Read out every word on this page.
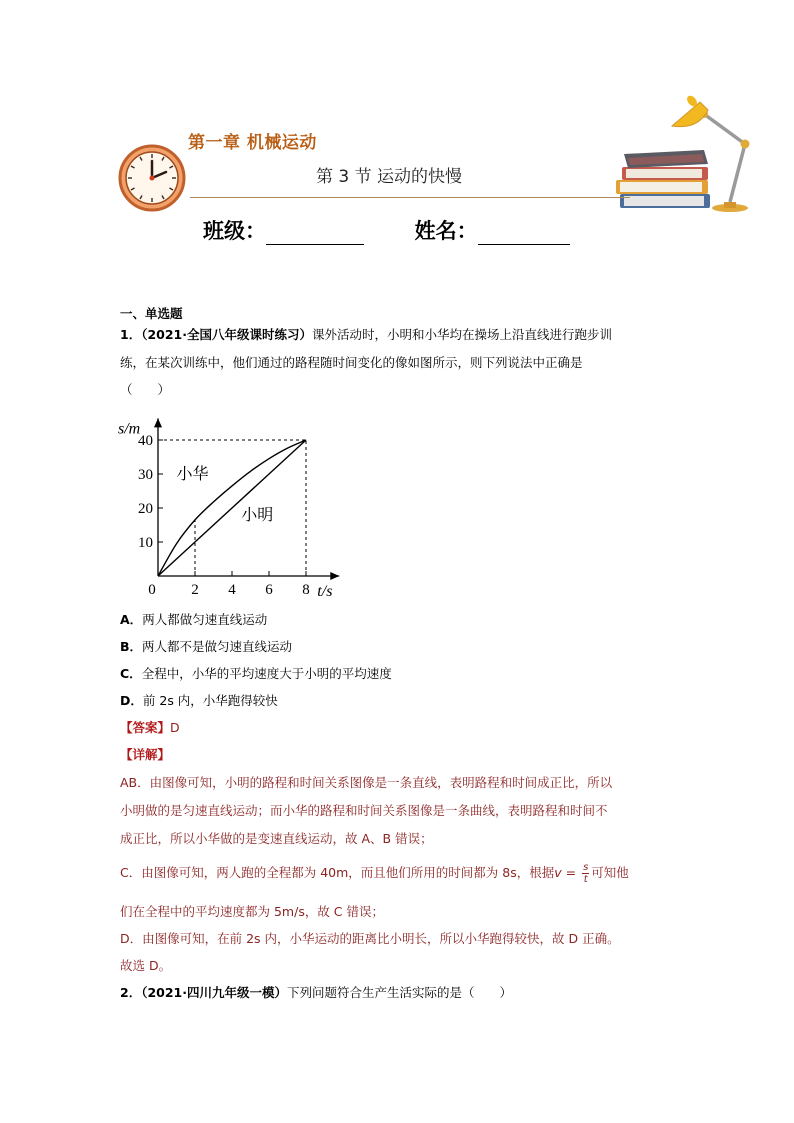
第一章 机械运动
第 3 节 运动的快慢
班级：	姓名：
一、单选题
1．（2021·全国八年级课时练习）课外活动时，小明和小华均在操场上沿直线进行跑步训
练，在某次训练中，他们通过的路程随时间变化的像如图所示，则下列说法中正确是
（　　）
0 2 4 6 8
10
20
30
40
s/m
t/s
小华
小明
A．两人都做匀速直线运动
B．两人都不是做匀速直线运动
C．全程中，小华的平均速度大于小明的平均速度
D．前 2s 内，小华跑得较快
【答案】D
【详解】
AB．由图像可知，小明的路程和时间关系图像是一条直线，表明路程和时间成正比，所以
小明做的是匀速直线运动；而小华的路程和时间关系图像是一条曲线，表明路程和时间不
成正比，所以小华做的是变速直线运动，故 A、B 错误；
C．由图像可知，两人跑的全程都为 40m，而且他们所用的时间都为 8s，根据$v = \frac{s}{t}$ 可知他
们在全程中的平均速度都为 5m/s，故 C 错误；
D．由图像可知，在前 2s 内，小华运动的距离比小明长，所以小华跑得较快，故 D 正确。
故选 D。
2．（2021·四川九年级一模）下列问题符合生产生活实际的是（　　）
